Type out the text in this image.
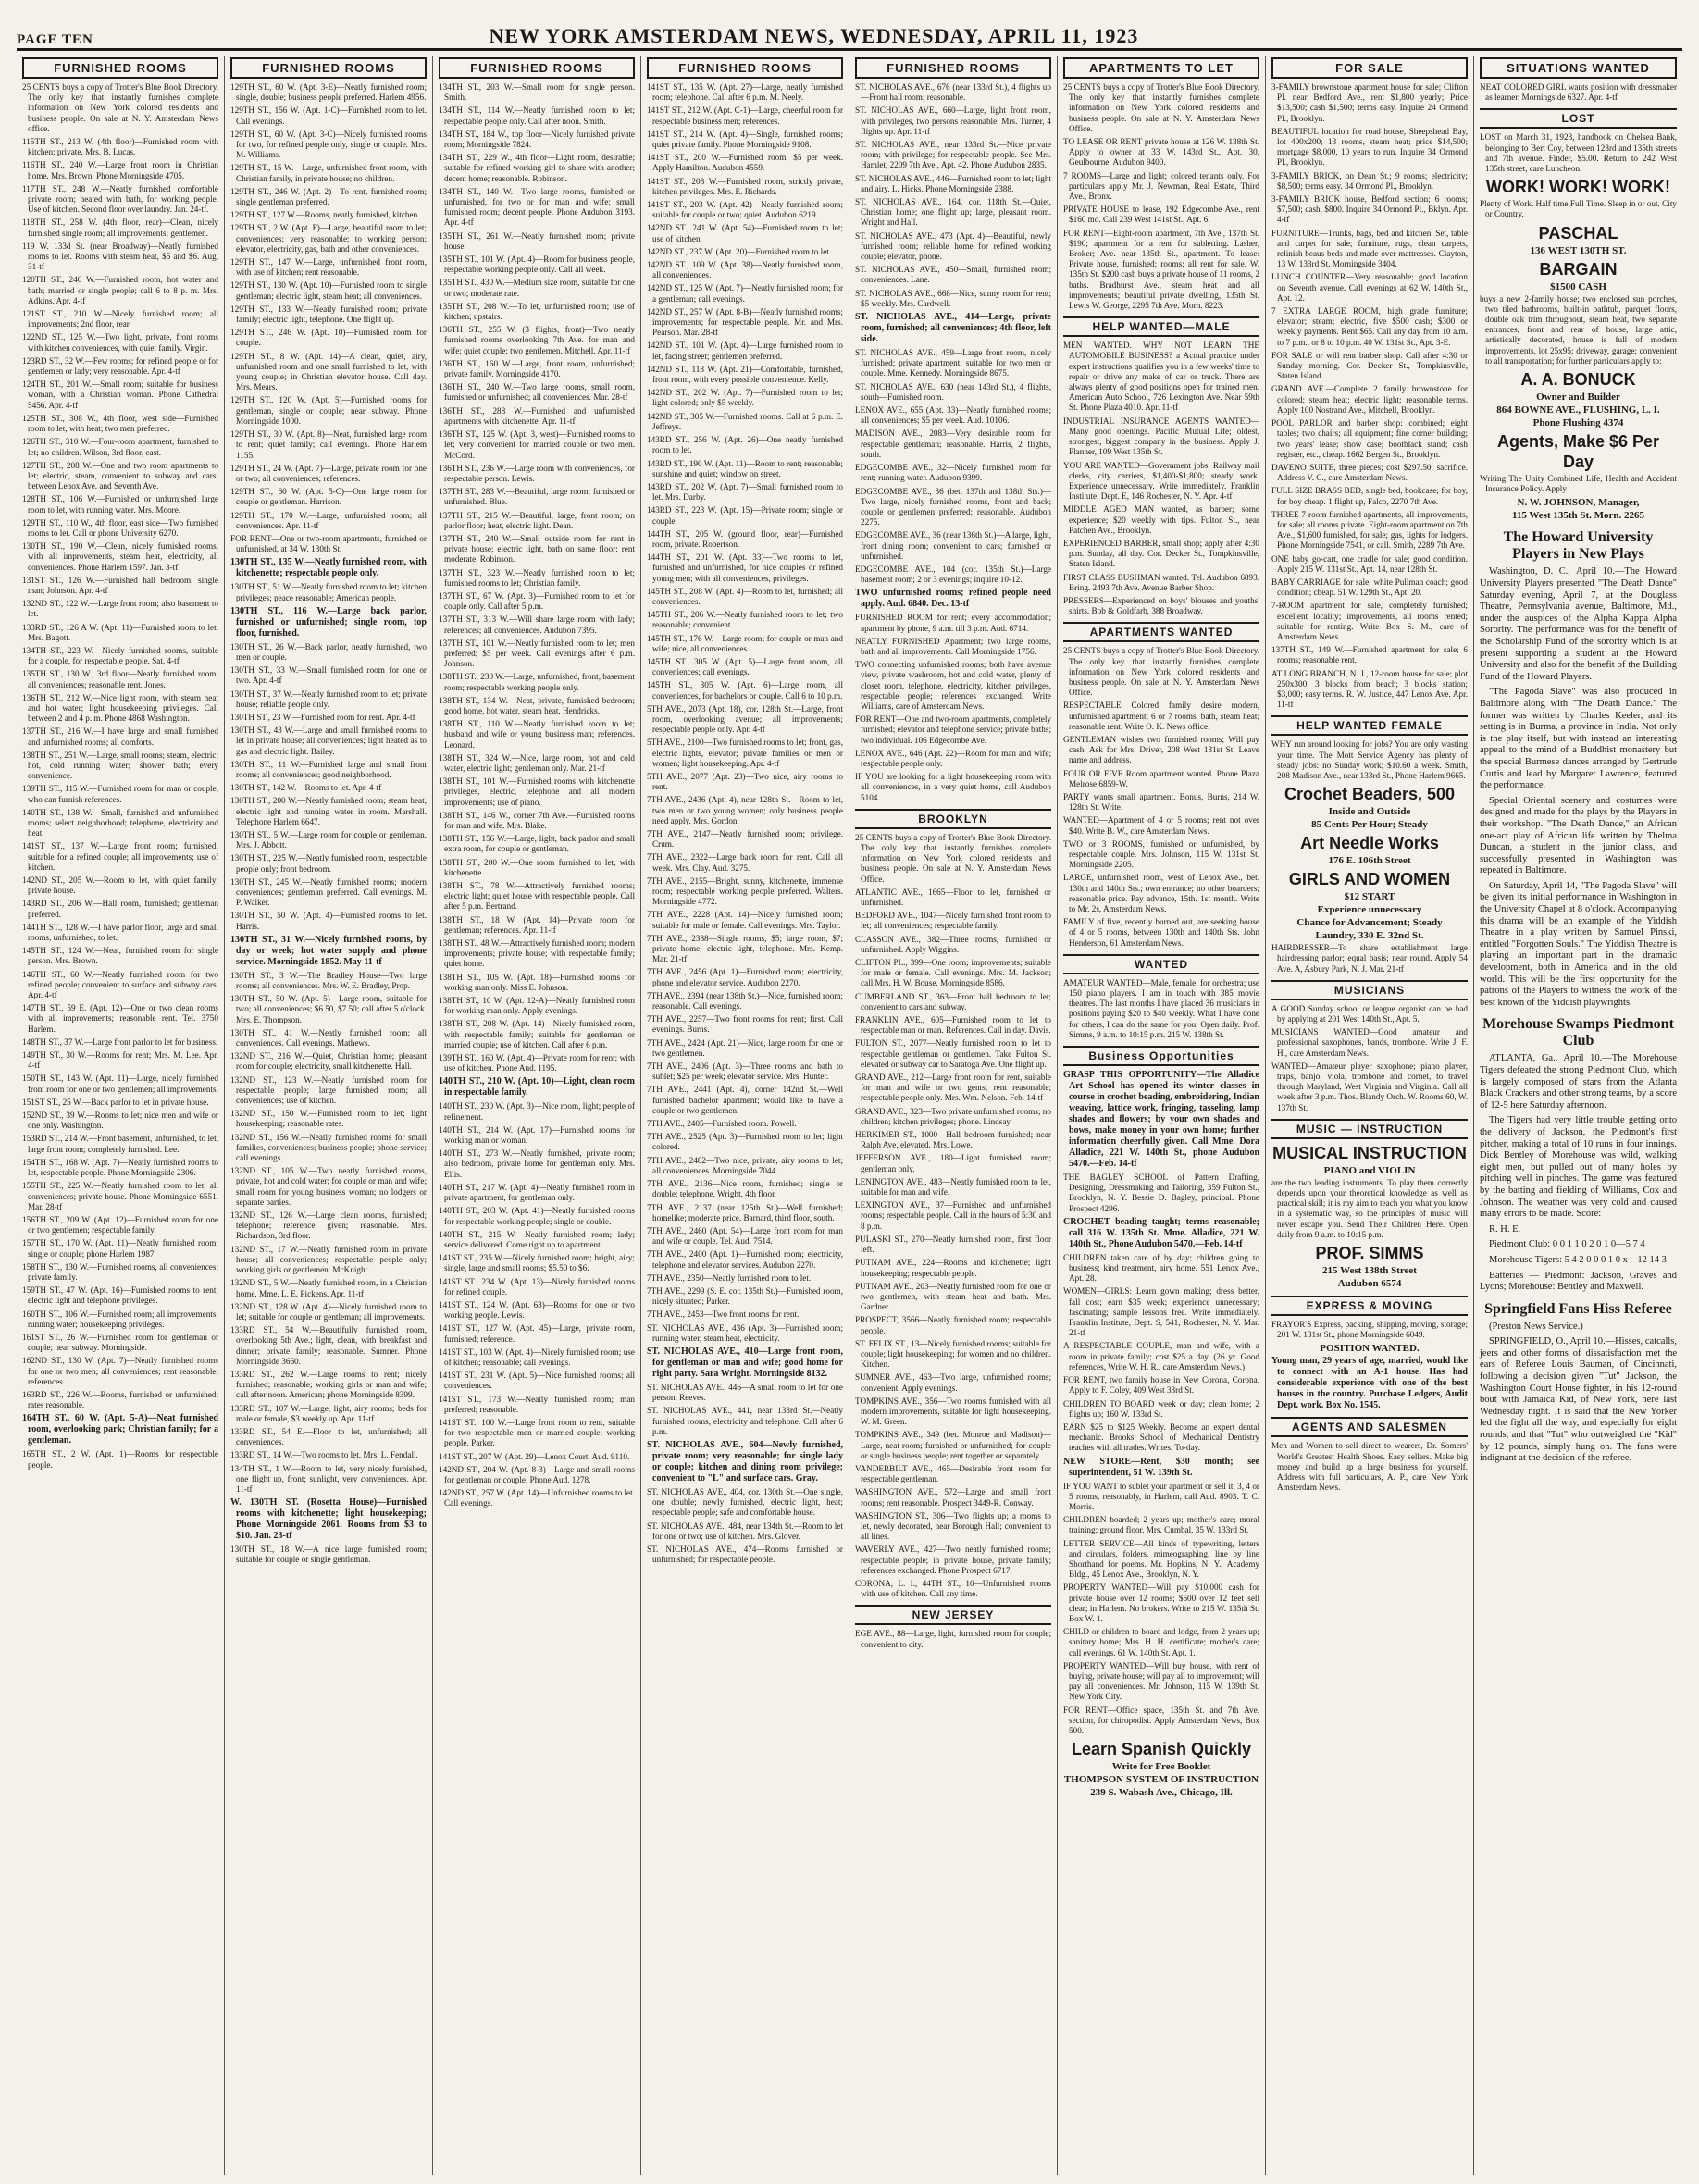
PAGE TEN	NEW YORK AMSTERDAM NEWS, WEDNESDAY, APRIL 11, 1923
FURNISHED ROOMS
25 CENTS buys a copy of Trotter's Blue Book Directory. The only key that instantly furnishes complete information on New York colored residents and business people. On sale at N. Y. Amsterdam News office.
115TH ST., 213 W. (4th floor)—Furnished room with kitchen; private. Mrs. B. Lucas.
116TH ST., 240 W.—Large front room in Christian home. Mrs. Brown. Phone Morningside 4705.
117TH ST., 248 W.—Neatly furnished comfortable private room; heated with bath, for working people. Use of kitchen. Second floor over laundry. Jan. 24-tf.
118TH ST., 258 W. (4th floor, rear)—Clean, nicely furnished single room; all improvements; gentlemen.
119 W. 133d St. (near Broadway)—Neatly furnished rooms to let. Rooms with steam heat, $5 and $6. Aug. 31-tf
120TH ST., 240 W.—Furnished room, hot water and bath; married or single people; call 6 to 8 p. m. Mrs. Adkins. Apr. 4-tf
121ST ST., 210 W.—Nicely furnished room; all improvements; 2nd floor, rear.
122ND ST., 125 W.—Two light, private, front rooms with kitchen conveniences, with quiet family. Virgin.
123RD ST., 32 W.—Few rooms; for refined people or for gentlemen or lady; very reasonable. Apr. 4-tf
124TH ST., 201 W.—Small room; suitable for business woman, with a Christian woman. Phone Cathedral 5456. Apr. 4-tf
125TH ST., 308 W., 4th floor, west side—Furnished room to let, with heat; two men preferred.
126TH ST., 310 W.—Four-room apartment, furnished to let; no children. Wilson, 3rd floor, east.
127TH ST., 208 W.—One and two room apartments to let; electric, steam, convenient to subway and cars; between Lenox Ave. and Seventh Ave.
128TH ST., 106 W.—Furnished or unfurnished large room to let, with running water. Mrs. Moore.
129TH ST., 110 W., 4th floor, east side—Two furnished rooms to let. Call or phone University 6270.
130TH ST., 190 W.—Clean, nicely furnished rooms, with all improvements, steam heat, electricity, all conveniences. Phone Harlem 1597. Jan. 3-tf
131ST ST., 126 W.—Furnished hall bedroom; single man; Johnson. Apr. 4-tf
132ND ST., 122 W.—Large front room; also basement to let.
133RD ST., 126 A W. (Apt. 11)—Furnished room to let. Mrs. Bagott.
134TH ST., 223 W.—Nicely furnished rooms, suitable for a couple, for respectable people. Sat. 4-tf
135TH ST., 130 W., 3rd floor—Neatly furnished room; all conveniences; reasonable rent. Jones.
136TH ST., 212 W.—Nice light room, with steam heat and hot water; light housekeeping privileges. Call between 2 and 4 p. m. Phone 4868 Washington.
137TH ST., 216 W.—I have large and small furnished and unfurnished rooms; all comforts.
138TH ST., 251 W.—Large, small rooms; steam, electric; hot, cold running water; shower bath; every convenience.
139TH ST., 115 W.—Furnished room for man or couple, who can furnish references.
140TH ST., 138 W.—Small, furnished and unfurnished rooms; select neighborhood; telephone, electricity and heat.
141ST ST., 137 W.—Large front room; furnished; suitable for a refined couple; all improvements; use of kitchen.
142ND ST., 205 W.—Room to let, with quiet family; private house.
143RD ST., 206 W.—Hall room, furnished; gentleman preferred.
144TH ST., 128 W.—I have parlor floor, large and small rooms, unfurnished, to let.
145TH ST., 124 W.—Neat, furnished room for single person. Mrs. Brown.
146TH ST., 60 W.—Neatly furnished room for two refined people; convenient to surface and subway cars. Apr. 4-tf
147TH ST., 59 E. (Apt. 12)—One or two clean rooms with all improvements; reasonable rent. Tel. 3750 Harlem.
148TH ST., 37 W.—Large front parlor to let for business.
149TH ST., 30 W.—Rooms for rent; Mrs. M. Lee. Apr. 4-tf
150TH ST., 143 W. (Apt. 11)—Large, nicely furnished front room for one or two gentlemen; all improvements.
151ST ST., 25 W.—Back parlor to let in private house.
152ND ST., 39 W.—Rooms to let; nice men and wife or one only. Washington.
153RD ST., 214 W.—Front basement, unfurnished, to let, large front room; completely furnished. Lee.
154TH ST., 168 W. (Apt. 7)—Neatly furnished rooms to let, respectable people. Phone Morningside 2306.
155TH ST., 225 W.—Neatly furnished room to let; all conveniences; private house. Phone Morningside 6551. Mar. 28-tf
156TH ST., 209 W. (Apt. 12)—Furnished room for one or two gentlemen; respectable family.
157TH ST., 170 W. (Apt. 11)—Neatly furnished room; single or couple; phone Harlem 1987.
158TH ST., 130 W.—Furnished rooms, all conveniences; private family.
159TH ST., 47 W. (Apt. 16)—Furnished rooms to rent; electric light and telephone privileges.
160TH ST., 106 W.—Furnished room; all improvements; running water; housekeeping privileges.
161ST ST., 26 W.—Furnished room for gentleman or couple; near subway. Morningside.
162ND ST., 130 W. (Apt. 7)—Neatly furnished rooms for one or two men; all conveniences; rent reasonable; references.
163RD ST., 226 W.—Rooms, furnished or unfurnished; rates reasonable.
164TH ST., 60 W. (Apt. 5-A)—Neat furnished room, overlooking park; Christian family; for a gentleman.
165TH ST., 2 W. (Apt. 1)—Rooms for respectable people.
FURNISHED ROOMS
129TH ST., 60 W. (Apt. 3-E)—Neatly furnished room; single, double; business people preferred. Harlem 4956.
129TH ST., 156 W. (Apt. 1-C)—Furnished room to let. Call evenings.
129TH ST., 60 W. (Apt. 3-C)—Nicely furnished rooms for two, for refined people only, single or couple. Mrs. M. Williams.
129TH ST., 15 W.—Large, unfurnished front room, with Christian family, in private house; no children.
129TH ST., 246 W. (Apt. 2)—To rent, furnished room; single gentleman preferred.
129TH ST., 127 W.—Rooms, neatly furnished, kitchen.
129TH ST., 2 W. (Apt. F)—Large, beautiful room to let; conveniences; very reasonable; to working person; elevator, electricity, gas, bath and other conveniences.
129TH ST., 147 W.—Large, unfurnished front room, with use of kitchen; rent reasonable.
129TH ST., 130 W. (Apt. 10)—Furnished room to single gentleman; electric light, steam heat; all conveniences.
129TH ST., 133 W.—Neatly furnished room; private family; electric light, telephone. One flight up.
129TH ST., 246 W. (Apt. 10)—Furnished room for couple.
129TH ST., 8 W. (Apt. 14)—A clean, quiet, airy, unfurnished room and one small furnished to let, with young couple; in Christian elevator house. Call day. Mrs. Mears.
129TH ST., 120 W. (Apt. 5)—Furnished rooms for gentleman, single or couple; near subway. Phone Morningside 1000.
129TH ST., 30 W. (Apt. 8)—Neat, furnished large room to rent; quiet family; call evenings. Phone Harlem 1155.
129TH ST., 24 W. (Apt. 7)—Large, private room for one or two; all conveniences; references.
129TH ST., 60 W. (Apt. 5-C)—One large room for couple or gentleman. Harrison.
129TH ST., 170 W.—Large, unfurnished room; all conveniences. Apr. 11-tf
FOR RENT—One or two-room apartments, furnished or unfurnished, at 34 W. 130th St.
130TH ST., 135 W.—Neatly furnished room, with kitchenette; respectable people only.
130TH ST., 51 W.—Neatly furnished room to let; kitchen privileges; peace reasonable; American people.
130TH ST., 116 W.—Large back parlor, furnished or unfurnished; single room, top floor, furnished.
130TH ST., 26 W.—Back parlor, neatly furnished, two men or couple.
130TH ST., 33 W.—Small furnished room for one or two. Apr. 4-tf
130TH ST., 37 W.—Neatly furnished room to let; private house; reliable people only.
130TH ST., 23 W.—Furnished room for rent. Apr. 4-tf
130TH ST., 43 W.—Large and small furnished rooms to let in private house; all conveniences; light heated as to gas and electric light. Bailey.
130TH ST., 11 W.—Furnished large and small front rooms; all conveniences; good neighborhood.
130TH ST., 142 W.—Rooms to let. Apr. 4-tf
130TH ST., 200 W.—Neatly furnished room; steam heat, electric light and running water in room. Marshall. Telephone Harlem 6647.
130TH ST., 5 W.—Large room for couple or gentleman. Mrs. J. Abbott.
130TH ST., 225 W.—Neatly furnished room, respectable people only; front bedroom.
130TH ST., 245 W.—Neatly furnished rooms; modern conveniences; gentleman preferred. Call evenings. M. P. Walker.
130TH ST., 50 W. (Apt. 4)—Furnished rooms to let. Harris.
130TH ST., 31 W.—Nicely furnished rooms, by day or week; hot water supply and phone service. Morningside 1852. May 11-tf
130TH ST., 3 W.—The Bradley House—Two large rooms; all conveniences. Mrs. W. E. Bradley, Prop.
130TH ST., 50 W. (Apt. 5)—Large room, suitable for two; all conveniences; $6.50, $7.50; call after 5 o'clock. Mrs. E. Thompson.
130TH ST., 41 W.—Neatly furnished room; all conveniences. Call evenings. Mathews.
132ND ST., 216 W.—Quiet, Christian home; pleasant room for couple; electricity, small kitchenette. Hall.
132ND ST., 123 W.—Neatly furnished room for respectable people; large furnished room; all conveniences; use of kitchen.
132ND ST., 150 W.—Furnished room to let; light housekeeping; reasonable rates.
132ND ST., 156 W.—Neatly furnished rooms for small families, conveniences; business people; phone service; call evenings.
132ND ST., 105 W.—Two neatly furnished rooms, private, hot and cold water; for couple or man and wife; small room for young business woman; no lodgers or separate parties.
132ND ST., 126 W.—Large clean rooms, furnished; telephone; reference given; reasonable. Mrs. Richardson, 3rd floor.
132ND ST., 17 W.—Neatly furnished room in private house; all conveniences; respectable people only; working girls or gentlemen. McKnight.
132ND ST., 5 W.—Neatly furnished room, in a Christian home. Mme. L. E. Pickens. Apr. 11-tf
132ND ST., 128 W. (Apt. 4)—Nicely furnished room to let; suitable for couple or gentleman; all improvements.
133RD ST., 54 W.—Beautifully furnished room, overlooking 5th Ave.; light, clean, with breakfast and dinner; private family; reasonable. Sumner. Phone Morningside 3660.
133RD ST., 262 W.—Large rooms to rent; nicely furnished; reasonable; working girls or man and wife; call after noon. American; phone Morningside 8399.
133RD ST., 107 W.—Large, light, airy rooms; beds for male or female, $3 weekly up. Apr. 11-tf
133RD ST., 54 E.—Floor to let, unfurnished; all conveniences.
133RD ST., 14 W.—Two rooms to let. Mrs. L. Fendall.
134TH ST., 1 W.—Room to let, very nicely furnished, one flight up, front; sunlight, very conveniences. Apr. 11-tf
W. 130TH ST. (Rosetta House)—Furnished rooms with kitchenette; light housekeeping; Phone Morningside 2061. Rooms from $3 to $10. Jan. 23-tf
130TH ST., 18 W.—A nice large furnished room; suitable for couple or single gentleman.
FURNISHED ROOMS
134TH ST., 203 W.—Small room for single person. Smith.
134TH ST., 114 W.—Neatly furnished room to let; respectable people only. Call after noon. Smith.
134TH ST., 184 W., top floor—Nicely furnished private room; Morningside 7824.
134TH ST., 229 W., 4th floor—Light room, desirable; suitable for refined working girl to share with another; decent home; reasonable. Robinson.
134TH ST., 140 W.—Two large rooms, furnished or unfurnished, for two or for man and wife; small furnished room; decent people. Phone Audubon 3193. Apr. 4-tf
135TH ST., 261 W.—Neatly furnished room; private house.
135TH ST., 101 W. (Apt. 4)—Room for business people, respectable working people only. Call all week.
135TH ST., 430 W.—Medium size room, suitable for one or two; moderate rate.
135TH ST., 208 W.—To let, unfurnished room; use of kitchen; upstairs.
136TH ST., 255 W. (3 flights, front)—Two neatly furnished rooms overlooking 7th Ave. for man and wife; quiet couple; two gentlemen. Mitchell. Apr. 11-tf
136TH ST., 160 W.—Large, front room, unfurnished; private family. Morningside 4170.
136TH ST., 240 W.—Two large rooms, small room, furnished or unfurnished; all conveniences. Mar. 28-tf
136TH ST., 288 W.—Furnished and unfurnished apartments with kitchenette. Apr. 11-tf
136TH ST., 125 W. (Apt. 3, west)—Furnished rooms to let; very convenient for married couple or two men. McCord.
136TH ST., 236 W.—Large room with conveniences, for respectable person. Lewis.
137TH ST., 283 W.—Beautiful, large room; furnished or unfurnished. Blue.
137TH ST., 215 W.—Beautiful, large, front room; on parlor floor; heat, electric light. Dean.
137TH ST., 240 W.—Small outside room for rent in private house; electric light, bath on same floor; rent moderate. Robinson.
137TH ST., 323 W.—Neatly furnished room to let; furnished rooms to let; Christian family.
137TH ST., 67 W. (Apt. 3)—Furnished room to let for couple only. Call after 5 p.m.
137TH ST., 313 W.—Will share large room with lady; references; all conveniences. Audubon 7395.
137TH ST., 101 W.—Neatly furnished room to let; men preferred; $5 per week. Call evenings after 6 p.m. Johnson.
138TH ST., 230 W.—Large, unfurnished, front, basement room; respectable working people only.
138TH ST., 134 W.—Neat, private, furnished bedroom; good home, hot water, steam heat. Hendricks.
138TH ST., 110 W.—Neatly furnished room to let; husband and wife or young business man; references. Leonard.
138TH ST., 324 W.—Nice, large room, hot and cold water, electric light; gentleman only. Mar. 21-tf
138TH ST., 101 W.—Furnished rooms with kitchenette privileges, electric, telephone and all modern improvements; use of piano.
138TH ST., 146 W., corner 7th Ave.—Furnished rooms for man and wife. Mrs. Blake.
138TH ST., 156 W.—Large, light, back parlor and small extra room, for couple or gentleman.
138TH ST., 200 W.—One room furnished to let, with kitchenette.
138TH ST., 78 W.—Attractively furnished rooms; electric light; quiet house with respectable people. Call after 5 p.m. Bertrand.
138TH ST., 18 W. (Apt. 14)—Private room for gentleman; references. Apr. 11-tf
138TH ST., 48 W.—Attractively furnished room; modern improvements; private house; with respectable family; quiet home.
138TH ST., 105 W. (Apt. 18)—Furnished rooms for working man only. Miss E. Johnson.
138TH ST., 10 W. (Apt. 12-A)—Neatly furnished room for working man only. Apply evenings.
138TH ST., 208 W. (Apt. 14)—Nicely furnished room, with respectable family; suitable for gentleman or married couple; use of kitchen. Call after 6 p.m.
139TH ST., 160 W. (Apt. 4)—Private room for rent; with use of kitchen. Phone Aud. 1195.
140TH ST., 210 W. (Apt. 10)—Light, clean room in respectable family.
140TH ST., 230 W. (Apt. 3)—Nice room, light; people of refinement.
140TH ST., 214 W. (Apt. 17)—Furnished rooms for working man or woman.
140TH ST., 273 W.—Neatly furnished, private room; also bedroom, private home for gentleman only. Mrs. Ellis.
140TH ST., 217 W. (Apt. 4)—Neatly furnished room in private apartment, for gentleman only.
140TH ST., 203 W. (Apt. 41)—Neatly furnished rooms for respectable working people; single or double.
140TH ST., 215 W.—Neatly furnished room; lady; service delivered. Come right up to apartment.
141ST ST., 235 W.—Nicely furnished room; bright, airy; single, large and small rooms; $5.50 to $6.
141ST ST., 234 W. (Apt. 13)—Nicely furnished rooms for refined couple.
141ST ST., 124 W. (Apt. 63)—Rooms for one or two working people. Lewis.
141ST ST., 127 W. (Apt. 45)—Large, private room, furnished; reference.
141ST ST., 103 W. (Apt. 4)—Nicely furnished room; use of kitchen; reasonable; call evenings.
141ST ST., 231 W. (Apt. 5)—Nice furnished rooms; all conveniences.
141ST ST., 173 W.—Neatly furnished room; man preferred; reasonable.
141ST ST., 100 W.—Large front room to rent, suitable for two respectable men or married couple; working people. Parker.
141ST ST., 207 W. (Apt. 29)—Lenox Court. Aud. 9110.
142ND ST., 204 W. (Apt. 8-3)—Large and small rooms for gentleman or couple. Phone Aud. 1278.
142ND ST., 257 W. (Apt. 14)—Unfurnished rooms to let. Call evenings.
FURNISHED ROOMS
141ST ST., 135 W. (Apt. 27)—Large, neatly furnished room; telephone. Call after 6 p.m. M. Neely.
141ST ST., 212 W. (Apt. C-1)—Large, cheerful room for respectable business men; references.
141ST ST., 214 W. (Apt. 4)—Single, furnished rooms; quiet private family. Phone Morningside 9108.
141ST ST., 200 W.—Furnished room, $5 per week. Apply Hamilton. Audubon 4559.
141ST ST., 208 W.—Furnished room, strictly private, kitchen privileges. Mrs. E. Richards.
141ST ST., 203 W. (Apt. 42)—Neatly furnished room; suitable for couple or two; quiet. Audubon 6219.
142ND ST., 241 W. (Apt. 54)—Furnished room to let; use of kitchen.
142ND ST., 237 W. (Apt. 20)—Furnished room to let.
142ND ST., 109 W. (Apt. 38)—Neatly furnished room, all conveniences.
142ND ST., 125 W. (Apt. 7)—Neatly furnished room; for a gentleman; call evenings.
142ND ST., 257 W. (Apt. 8-B)—Neatly furnished rooms; improvements; for respectable people. Mr. and Mrs. Pearson. Mar. 28-tf
142ND ST., 101 W. (Apt. 4)—Large furnished room to let, facing street; gentlemen preferred.
142ND ST., 118 W. (Apt. 21)—Comfortable, furnished, front room, with every possible convenience. Kelly.
142ND ST., 202 W. (Apt. 7)—Furnished room to let; light colored; only $5 weekly.
142ND ST., 305 W.—Furnished rooms. Call at 6 p.m. E. Jeffreys.
143RD ST., 256 W. (Apt. 26)—One neatly furnished room to let.
143RD ST., 190 W. (Apt. 11)—Room to rent; reasonable; sunshine and quiet; window on street.
143RD ST., 202 W. (Apt. 7)—Small furnished room to let. Mrs. Darby.
143RD ST., 223 W. (Apt. 15)—Private room; single or couple.
144TH ST., 205 W. (ground floor, rear)—Furnished room, private. Robertson.
144TH ST., 201 W. (Apt. 33)—Two rooms to let, furnished and unfurnished, for nice couples or refined young men; with all conveniences, privileges.
145TH ST., 208 W. (Apt. 4)—Room to let, furnished; all conveniences.
145TH ST., 206 W.—Neatly furnished room to let; two reasonable; convenient.
145TH ST., 176 W.—Large room; for couple or man and wife; nice, all conveniences.
145TH ST., 305 W. (Apt. 5)—Large front room, all conveniences; call evenings.
145TH ST., 305 W. (Apt. 6)—Large room, all conveniences, for bachelors or couple. Call 6 to 10 p.m.
5TH AVE., 2073 (Apt. 18), cor. 128th St.—Large, front room, overlooking avenue; all improvements; respectable people only. Apr. 4-tf
5TH AVE., 2100—Two furnished rooms to let; front, gas, electric lights, elevator; private families or men or women; light housekeeping. Apr. 4-tf
5TH AVE., 2077 (Apt. 23)—Two nice, airy rooms to rent.
7TH AVE., 2436 (Apt. 4), near 128th St.—Room to let, two men or two young women; only business people need apply. Mrs. Gordon.
7TH AVE., 2147—Neatly furnished room; privilege. Crum.
7TH AVE., 2322—Large back room for rent. Call all week. Mrs. Clay. Aud. 3275.
7TH AVE., 2155—Bright, sunny, kitchenette, immense room; respectable working people preferred. Walters. Morningside 4772.
7TH AVE., 2228 (Apt. 14)—Nicely furnished room; suitable for male or female. Call evenings. Mrs. Taylor.
7TH AVE., 2388—Single rooms, $5; large room, $7; private home; electric light, telephone. Mrs. Kemp. Mar. 21-tf
7TH AVE., 2456 (Apt. 1)—Furnished room; electricity, phone and elevator service. Audubon 2270.
7TH AVE., 2394 (near 138th St.)—Nice, furnished room; reasonable. Call evenings.
7TH AVE., 2257—Two front rooms for rent; first. Call evenings. Burns.
7TH AVE., 2424 (Apt. 21)—Nice, large room for one or two gentlemen.
7TH AVE., 2406 (Apt. 3)—Three rooms and bath to sublet; $25 per week; elevator service. Mrs. Hunter.
7TH AVE., 2441 (Apt. 4), corner 142nd St.—Well furnished bachelor apartment; would like to have a couple or two gentlemen.
7TH AVE., 2405—Furnished room. Powell.
7TH AVE., 2525 (Apt. 3)—Furnished room to let; light colored.
7TH AVE., 2482—Two nice, private, airy rooms to let; all conveniences. Morningside 7044.
7TH AVE., 2136—Nice room, furnished; single or double; telephone. Wright, 4th floor.
7TH AVE., 2137 (near 125th St.)—Well furnished; homelike; moderate price. Barnard, third floor, south.
7TH AVE., 2460 (Apt. 54)—Large front room for man and wife or couple. Tel. Aud. 7514.
7TH AVE., 2400 (Apt. 1)—Furnished room; electricity, telephone and elevator services. Audubon 2270.
7TH AVE., 2350—Neatly furnished room to let.
7TH AVE., 2299 (S. E. cor. 135th St.)—Furnished room, nicely situated; Parker.
7TH AVE., 2453—Two front rooms for rent.
ST. NICHOLAS AVE., 436 (Apt. 3)—Furnished room; running water, steam heat, electricity.
ST. NICHOLAS AVE., 410—Large front room, for gentleman or man and wife; good home for right party. Sara Wright. Morningside 8132.
ST. NICHOLAS AVE., 446—A small room to let for one person. Reeves.
ST. NICHOLAS AVE., 441, near 133rd St.—Neatly furnished rooms, electricity and telephone. Call after 6 p.m.
ST. NICHOLAS AVE., 604—Newly furnished, private room; very reasonable; for single lady or couple; kitchen and dining room privilege; convenient to "L" and surface cars. Gray.
ST. NICHOLAS AVE., 404, cor. 130th St.—One single, one double; newly furnished, electric light, heat; respectable people; safe and comfortable house.
ST. NICHOLAS AVE., 484, near 134th St.—Room to let for one or two; use of kitchen. Mrs. Glover.
ST. NICHOLAS AVE., 474—Rooms furnished or unfurnished; for respectable people.
FURNISHED ROOMS
ST. NICHOLAS AVE., 676 (near 133rd St.), 4 flights up—Front hall room; reasonable.
ST. NICHOLAS AVE., 660—Large, light front room, with privileges, two persons reasonable. Mrs. Turner, 4 flights up. Apr. 11-tf
ST. NICHOLAS AVE., near 133rd St.—Nice private room; with privilege; for respectable people. See Mrs. Hamlet, 2209 7th Ave., Apt. 42. Phone Audubon 2835.
ST. NICHOLAS AVE., 446—Furnished room to let; light and airy. L. Hicks. Phone Morningside 2388.
ST. NICHOLAS AVE., 164, cor. 118th St.—Quiet, Christian home; one flight up; large, pleasant room. Wright and Hall.
ST. NICHOLAS AVE., 473 (Apt. 4)—Beautiful, newly furnished room; reliable home for refined working couple; elevator, phone.
ST. NICHOLAS AVE., 450—Small, furnished room; conveniences. Lane.
ST. NICHOLAS AVE., 668—Nice, sunny room for rent; $5 weekly. Mrs. Cardwell.
ST. NICHOLAS AVE., 414—Large, private room, furnished; all conveniences; 4th floor, left side.
ST. NICHOLAS AVE., 459—Large front room, nicely furnished; private apartment; suitable for two men or couple. Mme. Kennedy. Morningside 8675.
ST. NICHOLAS AVE., 630 (near 143rd St.), 4 flights, south—Furnished room.
LENOX AVE., 655 (Apt. 33)—Neatly furnished rooms; all conveniences; $5 per week. Aud. 10106.
MADISON AVE., 2083—Very desirable room for respectable gentleman; reasonable. Harris, 2 flights, south.
EDGECOMBE AVE., 32—Nicely furnished room for rent; running water. Audubon 9399.
EDGECOMBE AVE., 36 (bet. 137th and 138th Sts.)—Two large, nicely furnished rooms, front and back; couple or gentlemen preferred; reasonable. Audubon 2275.
EDGECOMBE AVE., 36 (near 136th St.)—A large, light, front dining room; convenient to cars; furnished or unfurnished.
EDGECOMBE AVE., 104 (cor. 135th St.)—Large basement room; 2 or 3 evenings; inquire 10-12.
TWO unfurnished rooms; refined people need apply. Aud. 6840. Dec. 13-tf
FURNISHED ROOM for rent; every accommodation; apartment by phone, 9 a.m. till 3 p.m. Aud. 6714.
NEATLY FURNISHED Apartment; two large rooms, bath and all improvements. Call Morningside 1756.
TWO connecting unfurnished rooms; both have avenue view, private washroom, hot and cold water, plenty of closet room, telephone, electricity, kitchen privileges, respectable people; references exchanged. Write Williams, care of Amsterdam News.
FOR RENT—One and two-room apartments, completely furnished; elevator and telephone service; private baths; two individual. 106 Edgecombe Ave.
LENOX AVE., 646 (Apt. 22)—Room for man and wife; respectable people only.
IF YOU are looking for a light housekeeping room with all conveniences, in a very quiet home, call Audubon 5104.
BROOKLYN
25 CENTS buys a copy of Trotter's Blue Book Directory. The only key that instantly furnishes complete information on New York colored residents and business people. On sale at N. Y. Amsterdam News Office.
ATLANTIC AVE., 1665—Floor to let, furnished or unfurnished.
BEDFORD AVE., 1047—Nicely furnished front room to let; all conveniences; respectable family.
CLASSON AVE., 382—Three rooms, furnished or unfurnished. Apply Wiggins.
CLIFTON PL., 399—One room; improvements; suitable for male or female. Call evenings. Mrs. M. Jackson; call Mrs. H. W. Bouse. Morningside 8586.
CUMBERLAND ST., 363—Front hall bedroom to let; convenient to cars and subway.
FRANKLIN AVE., 605—Furnished room to let to respectable man or man. References. Call in day. Davis.
FULTON ST., 2077—Neatly furnished room to let to respectable gentleman or gentlemen. Take Fulton St. elevated or subway car to Saratoga Ave. One flight up.
GRAND AVE., 212—Large front room for rent, suitable for man and wife or two gents; rent reasonable; respectable people only. Mrs. Wm. Nelson. Feb. 14-tf
GRAND AVE., 323—Two private unfurnished rooms; no children; kitchen privileges; phone. Lindsay.
HERKIMER ST., 1000—Hall bedroom furnished; near Ralph Ave. elevated. Mrs. Lowe.
JEFFERSON AVE., 180—Light furnished room; gentleman only.
LENINGTON AVE., 483—Neatly furnished room to let, suitable for man and wife.
LEXINGTON AVE., 37—Furnished and unfurnished rooms; respectable people. Call in the hours of 5:30 and 8 p.m.
PULASKI ST., 270—Neatly furnished room, first floor left.
PUTNAM AVE., 224—Rooms and kitchenette; light housekeeping; respectable people.
PUTNAM AVE., 203—Neatly furnished room for one or two gentlemen, with steam heat and bath. Mrs. Gardner.
PROSPECT, 3566—Neatly furnished room; respectable people.
ST. FELIX ST., 13—Nicely furnished rooms; suitable for couple; light housekeeping; for women and no children. Kitchen.
SUMNER AVE., 463—Two large, unfurnished rooms; convenient. Apply evenings.
TOMPKINS AVE., 356—Two rooms furnished with all modern improvements, suitable for light housekeeping. W. M. Green.
TOMPKINS AVE., 349 (bet. Monroe and Madison)—Large, neat room; furnished or unfurnished; for couple or single business people; rent together or separately.
VANDERBILT AVE., 465—Desirable front room for respectable gentleman.
WASHINGTON AVE., 572—Large and small front rooms; rent reasonable. Prospect 3449-R. Conway.
WASHINGTON ST., 306—Two flights up; a rooms to let, newly decorated, near Borough Hall; convenient to all lines.
WAVERLY AVE., 427—Two neatly furnished rooms; respectable people; in private house, private family; references exchanged. Phone Prospect 6717.
CORONA, L. I., 44TH ST., 10—Unfurnished rooms with use of kitchen. Call any time.
NEW JERSEY
EGE AVE., 88—Large, light, furnished room for couple; convenient to city.
APARTMENTS TO LET
25 CENTS buys a copy of Trotter's Blue Book Directory. The only key that instantly furnishes complete information on New York colored residents and business people. On sale at N. Y. Amsterdam News Office.
TO LEASE OR RENT private house at 126 W. 138th St. Apply to owner at 33 W. 143rd St., Apt. 30, Geulbourne. Audubon 9400.
7 ROOMS—Large and light; colored tenants only. For particulars apply Mr. J. Newman, Real Estate, Third Ave., Bronx.
PRIVATE HOUSE to lease, 192 Edgecombe Ave., rent $160 mo. Call 239 West 141st St., Apt. 6.
FOR RENT—Eight-room apartment, 7th Ave., 137th St. $190; apartment for a rent for subletting. Lasher, Broker; Ave. near 135th St., apartment. To lease: Private house, furnished; rooms; all rent for sale. W. 135th St. $200 cash buys a private house of 11 rooms, 2 baths. Bradhurst Ave., steam heat and all improvements; beautiful private dwelling, 135th St. Lewis W. George, 2295 7th Ave. Morn. 8223.
HELP WANTED—MALE
MEN WANTED. WHY NOT LEARN THE AUTOMOBILE BUSINESS? a Actual practice under expert instructions qualifies you in a few weeks' time to repair or drive any make of car or truck. There are always plenty of good positions open for trained men. American Auto School, 726 Lexington Ave. Near 59th St. Phone Plaza 4010. Apr. 11-tf
INDUSTRIAL INSURANCE AGENTS WANTED—Many good openings. Pacific Mutual Life; oldest, strongest, biggest company in the business. Apply J. Planner, 109 West 135th St.
YOU ARE WANTED—Government jobs. Railway mail clerks, city carriers, $1,400-$1,800; steady work. Experience unnecessary. Write immediately. Franklin Institute, Dept. E, 146 Rochester, N. Y. Apr. 4-tf
MIDDLE AGED MAN wanted, as barber; some experience; $20 weekly with tips. Fulton St., near Patchen Ave., Brooklyn.
EXPERIENCED BARBER, small shop; apply after 4:30 p.m. Sunday, all day. Cor. Decker St., Tompkinsville, Staten Island.
FIRST CLASS BUSHMAN wanted. Tel. Audubon 6893. Bring. 2493 7th Ave. Avenue Barber Shop.
PRESSERS—Experienced on boys' blouses and youths' shirts. Bob & Goldfarb, 388 Broadway.
APARTMENTS WANTED
25 CENTS buys a copy of Trotter's Blue Book Directory. The only key that instantly furnishes complete information on New York colored residents and business people. On sale at N. Y. Amsterdam News Office.
RESPECTABLE Colored family desire modern, unfurnished apartment; 6 or 7 rooms, bath, steam heat; reasonable rent. Write O. K. News office.
GENTLEMAN wishes two furnished rooms; Will pay cash. Ask for Mrs. Driver, 208 West 131st St. Leave name and address.
FOUR OR FIVE Room apartment wanted. Phone Plaza Melrose 6859-W.
PARTY wants small apartment. Bonus, Burns, 214 W. 128th St. Write.
WANTED—Apartment of 4 or 5 rooms; rent not over $40. Write B. W., care Amsterdam News.
TWO or 3 ROOMS, furnished or unfurnished, by respectable couple. Mrs. Johnson, 115 W. 131st St. Morningside 2205.
LARGE, unfurnished room, west of Lenox Ave., bet. 130th and 140th Sts.; own entrance; no other boarders; reasonable price. Pay advance, 15th. 1st month. Write to Mr. 2s, Amsterdam News.
FAMILY of five, recently burned out, are seeking house of 4 or 5 rooms, between 130th and 140th Sts. John Henderson, 61 Amsterdam News.
WANTED
AMATEUR WANTED—Male, female, for orchestra; use 150 piano players. I am in touch with 385 movie theatres. The last months I have placed 36 musicians in positions paying $20 to $40 weekly. What I have done for others, I can do the same for you. Open daily. Prof. Simms, 9 a.m. to 10:15 p.m. 215 W. 138th St.
Business Opportunities
GRASP THIS OPPORTUNITY—The Alladice Art School has opened its winter classes in course in crochet beading, embroidering, Indian weaving, lattice work, fringing, tasseling, lamp shades and flowers; by your own shades and bows, make money in your own home; further information cheerfully given. Call Mme. Dora Alladice, 221 W. 140th St., phone Audubon 5470.—Feb. 14-tf
THE BAGLEY SCHOOL of Pattern Drafting, Designing, Dressmaking and Tailoring, 359 Fulton St., Brooklyn, N. Y. Bessie D. Bagley, principal. Phone Prospect 4296.
CROCHET beading taught; terms reasonable; call 316 W. 135th St. Mme. Alladice, 221 W. 140th St., Phone Audubon 5470.—Feb. 14-tf
CHILDREN taken care of by day; children going to business; kind treatment, airy home. 551 Lenox Ave., Apt. 28.
WOMEN—GIRLS: Learn gown making; dress better, fall cost; earn $35 week; experience unnecessary; fascinating; sample lessons free. Write immediately. Franklin Institute, Dept. S, 541, Rochester, N. Y. Mar. 21-tf
A RESPECTABLE COUPLE, man and wife, with a room in private family; cost $25 a day. (26 yr. Good references, Write W. H. R., care Amsterdam News.)
FOR RENT, two family house in New Corona, Corona. Apply to F. Coley, 409 West 33rd St.
CHILDREN TO BOARD week or day; clean home; 2 flights up; 160 W. 133rd St.
EARN $25 to $125 Weekly. Become an expert dental mechanic. Brooks School of Mechanical Dentistry teaches with all trades. Writes. To-day.
NEW STORE—Rent, $30 month; see superintendent, 51 W. 139th St.
IF YOU WANT to sublet your apartment or sell it, 3, 4 or 5 rooms, reasonably, in Harlem, call Aud. 8903. T. C. Morris.
CHILDREN boarded; 2 years up; mother's care; moral training; ground floor. Mrs. Cumbal, 35 W. 133rd St.
LETTER SERVICE—All kinds of typewriting, letters and circulars, folders, mimeographing, line by line Shorthand for poems. Mr. Hopkins, N. Y., Academy Bldg., 45 Lenox Ave., Brooklyn, N. Y.
PROPERTY WANTED—Will pay $10,000 cash for private house over 12 rooms; $500 over 12 feet sell clear; in Harlem. No brokers. Write to 215 W. 135th St. Box W. 1.
CHILD or children to board and lodge, from 2 years up; sanitary home; Mrs. H. H. certificate; mother's care; call evenings. 61 W. 140th St. Apt. 1.
PROPERTY WANTED—Will buy house, with rent of buying, private house; will pay all to improvement; will pay all conveniences. Mr. Johnson, 115 W. 139th St. New York City.
FOR RENT—Office space, 135th St. and 7th Ave. section, for chiropodist. Apply Amsterdam News, Box 500.
Learn Spanish Quickly
Write for Free Booklet
THOMPSON SYSTEM OF INSTRUCTION
239 S. Wabash Ave., Chicago, Ill.
FOR SALE
3-FAMILY brownstone apartment house for sale; Clifton Pl. near Bedford Ave., rent $1,800 yearly; Price $13,500; cash $1,500; terms easy. Inquire 24 Ormond Pl., Brooklyn.
BEAUTIFUL location for road house, Sheepshead Bay, lot 400x200; 13 rooms, steam heat; price $14,500; mortgage $8,000, 10 years to run. Inquire 34 Ormond Pl., Brooklyn.
3-FAMILY BRICK, on Dean St.; 9 rooms; electricity; $8,500; terms easy. 34 Ormond Pl., Brooklyn.
3-FAMILY BRICK house, Bedford section; 6 rooms; $7,500; cash, $800. Inquire 34 Ormond Pl., Bklyn. Apr. 4-tf
FURNITURE—Trunks, bags, bed and kitchen. Set, table and carpet for sale; furniture, rugs, clean carpets, relinish beaus beds and made over mattresses. Clayton, 13 W. 133rd St. Morningside 3404.
LUNCH COUNTER—Very reasonable; good location on Seventh avenue. Call evenings at 62 W. 140th St., Apt. 12.
7 EXTRA LARGE ROOM, high grade furniture; elevator; steam; electric, five $500 cash; $300 or weekly payments. Rent $65. Call any day from 10 a.m. to 7 p.m., or 8 to 10 p.m. 40 W. 131st St., Apt. 3-E.
FOR SALE or will rent barber shop. Call after 4:30 or Sunday morning. Cor. Decker St., Tompkinsville, Staten Island.
GRAND AVE.—Complete 2 family brownstone for colored; steam heat; electric light; reasonable terms. Apply 100 Nostrand Ave., Mitchell, Brooklyn.
POOL PARLOR and barber shop: combined; eight tables; two chairs; all equipment; fine corner building; two years' lease; show case; bootblack stand; cash register, etc., cheap. 1662 Bergen St., Brooklyn.
DAVENO SUITE, three pieces; cost $297.50; sacrifice. Address V. C., care Amsterdam News.
FULL SIZE BRASS BED, single bed, bookcase; for boy, for boy cheap. 1 flight up, Falco, 2270 7th Ave.
THREE 7-room furnished apartments, all improvements, for sale; all rooms private. Eight-room apartment on 7th Ave., $1,600 furnished, for sale; gas, lights for lodgers. Phone Morningside 7541, or call. Smith, 2289 7th Ave.
ONE baby go-cart, one cradle for sale; good condition. Apply 215 W. 131st St., Apt. 14, near 128th St.
BABY CARRIAGE for sale; white Pullman coach; good condition; cheap. 51 W. 129th St., Apt. 20.
7-ROOM apartment for sale, completely furnished; excellent locality; improvements, all rooms rented; suitable for renting. Write Box S. M., care of Amsterdam News.
137TH ST., 149 W.—Furnished apartment for sale; 6 rooms; reasonable rent.
AT LONG BRANCH, N. J., 12-room house for sale; plot 250x300; 3 blocks from beach; 3 blocks station; $3,000; easy terms. R. W. Justice, 447 Lenox Ave. Apr. 11-tf
HELP WANTED FEMALE
WHY run around looking for jobs? You are only wasting your time. The Mott Service Agency has plenty of steady jobs: no Sunday work; $10.60 a week. Smith, 208 Madison Ave., near 133rd St., Phone Harlem 9665.
Crochet Beaders, 500
Inside and Outside
85 Cents Per Hour; Steady
Art Needle Works
176 E. 106th Street
GIRLS AND WOMEN
$12 START
Experience unnecessary
Chance for Advancement; Steady
Laundry, 330 E. 32nd St.
HAIRDRESSER—To share establishment large hairdressing parlor; equal basis; near round. Apply 54 Ave. A, Asbury Park, N. J. Mar. 21-tf
MUSICIANS
A GOOD Sunday school or league organist can be had by applying at 201 West 140th St., Apt. 5.
MUSICIANS WANTED—Good amateur and professional saxophones, bands, trombone. Write J. F. H., care Amsterdam News.
WANTED—Amateur player saxophone; piano player, traps, banjo, viola, trombone and cornet, to travel through Maryland, West Virginia and Virginia. Call all week after 3 p.m. Thos. Blandy Orch. W. Rooms 60, W. 137th St.
MUSIC — INSTRUCTION
MUSICAL INSTRUCTION
PIANO and VIOLIN
are the two leading instruments. To play them correctly depends upon your theoretical knowledge as well as practical skill; it is my aim to teach you what you know in a systematic way, so the principles of music will never escape you. Send Their Children Here. Open daily from 9 a.m. to 10:15 p.m.
PROF. SIMMS
215 West 138th Street
Audubon 6574
EXPRESS & MOVING
FRAYOR'S Express, packing, shipping, moving, storage; 201 W. 131st St., phone Morningside 6049.
POSITION WANTED.
Young man, 29 years of age, married, would like to connect with an A-1 house. Has had considerable experience with one of the best houses in the country. Purchase Ledgers, Audit Dept. work. Box No. 1545.
AGENTS AND SALESMEN
Men and Women to sell direct to wearers, Dr. Somers' World's Greatest Health Shoes. Easy sellers. Make big money and build up a large business for yourself. Address with full particulars, A. P., care New York Amsterdam News.
SITUATIONS WANTED
NEAT COLORED GIRL wants position with dressmaker as learner. Morningside 6327. Apr. 4-tf
LOST
LOST on March 31, 1923, handbook on Chelsea Bank, belonging to Bert Coy, between 123rd and 135th streets and 7th avenue. Finder, $5.00. Return to 242 West 135th street, care Luncheon.
WORK! WORK! WORK!
Plenty of Work. Half time Full Time. Sleep in or out. City or Country.
PASCHAL
136 WEST 130TH ST.
BARGAIN
$1500 CASH
buys a new 2-family house; two enclosed sun porches, two tiled bathrooms, built-in bathtub, parquet floors, double oak trim throughout, steam heat, two separate entrances, front and rear of house, large attic, artistically decorated, house is full of modern improvements, lot 25x95; driveway, garage; convenient to all transportation; for further particulars apply to:
A. A. BONUCK
Owner and Builder
864 BOWNE AVE., FLUSHING, L. I.
Phone Flushing 4374
Agents, Make $6 Per Day
Writing The Unity Combined Life, Health and Accident Insurance Policy. Apply
N. W. JOHNSON, Manager,
115 West 135th St. Morn. 2265
The Howard University Players in New Plays

Washington, D. C., April 10.—The Howard University Players presented "The Death Dance" Saturday evening, April 7, at the Douglass Theatre, Pennsylvania avenue, Baltimore, Md., under the auspices of the Alpha Kappa Alpha Sorority. The performance was for the benefit of the Scholarship Fund of the sorority which is at present supporting a student at the Howard University and also for the benefit of the Building Fund of the Howard Players.

"The Pagoda Slave" was also produced in Baltimore along with "The Death Dance." The former was written by Charles Keeler, and its setting is in Burma, a province in India. Not only is the play itself, but with instead an interesting appeal to the mind of a Buddhist monastery but the special Burmese dances arranged by Gertrude Curtis and lead by Margaret Lawrence, featured the performance.

Special Oriental scenery and costumes were designed and made for the plays by the Players in their workshop. "The Death Dance," an African one-act play of African life written by Thelma Duncan, a student in the junior class, and successfully presented in Washington was repeated in Baltimore.

On Saturday, April 14, "The Pagoda Slave" will be given its initial performance in Washington in the University Chapel at 8 o'clock. Accompanying this drama will be an example of the Yiddish Theatre in a play written by Samuel Pinski, entitled "Forgotten Souls." The Yiddish Theatre is playing an important part in the dramatic development, both in America and in the old world. This will be the first opportunity for the patrons of the Players to witness the work of the best known of the Yiddish playwrights.

Morehouse Swamps Piedmont Club

ATLANTA, Ga., April 10.—The Morehouse Tigers defeated the strong Piedmont Club, which is largely composed of stars from the Atlanta Black Crackers and other strong teams, by a score of 12-5 here Saturday afternoon.

The Tigers had very little trouble getting onto the delivery of Jackson, the Piedmont's first pitcher, making a total of 10 runs in four innings. Dick Bentley of Morehouse was wild, walking eight men, but pulled out of many holes by pitching well in pinches. The game was featured by the batting and fielding of Williams, Cox and Johnson. The weather was very cold and caused many errors to be made. Score:

R. H. E.

Piedmont Club: 0 0 1 1 0 2 0 1 0—5 7 4

Morehouse Tigers: 5 4 2 0 0 0 1 0 x—12 14 3

Batteries — Piedmont: Jackson, Graves and Lyons; Morehouse: Bentley and Maxwell.

Springfield Fans Hiss Referee

(Preston News Service.)

SPRINGFIELD, O., April 10.—Hisses, catcalls, jeers and other forms of dissatisfaction met the ears of Referee Louis Bauman, of Cincinnati, following a decision given "Tut" Jackson, the Washington Court House fighter, in his 12-round bout with Jamaica Kid, of New York, here last Wednesday night. It is said that the New Yorker led the fight all the way, and especially for eight rounds, and that "Tut" who outweighed the "Kid" by 12 pounds, simply hung on. The fans were indignant at the decision of the referee.
